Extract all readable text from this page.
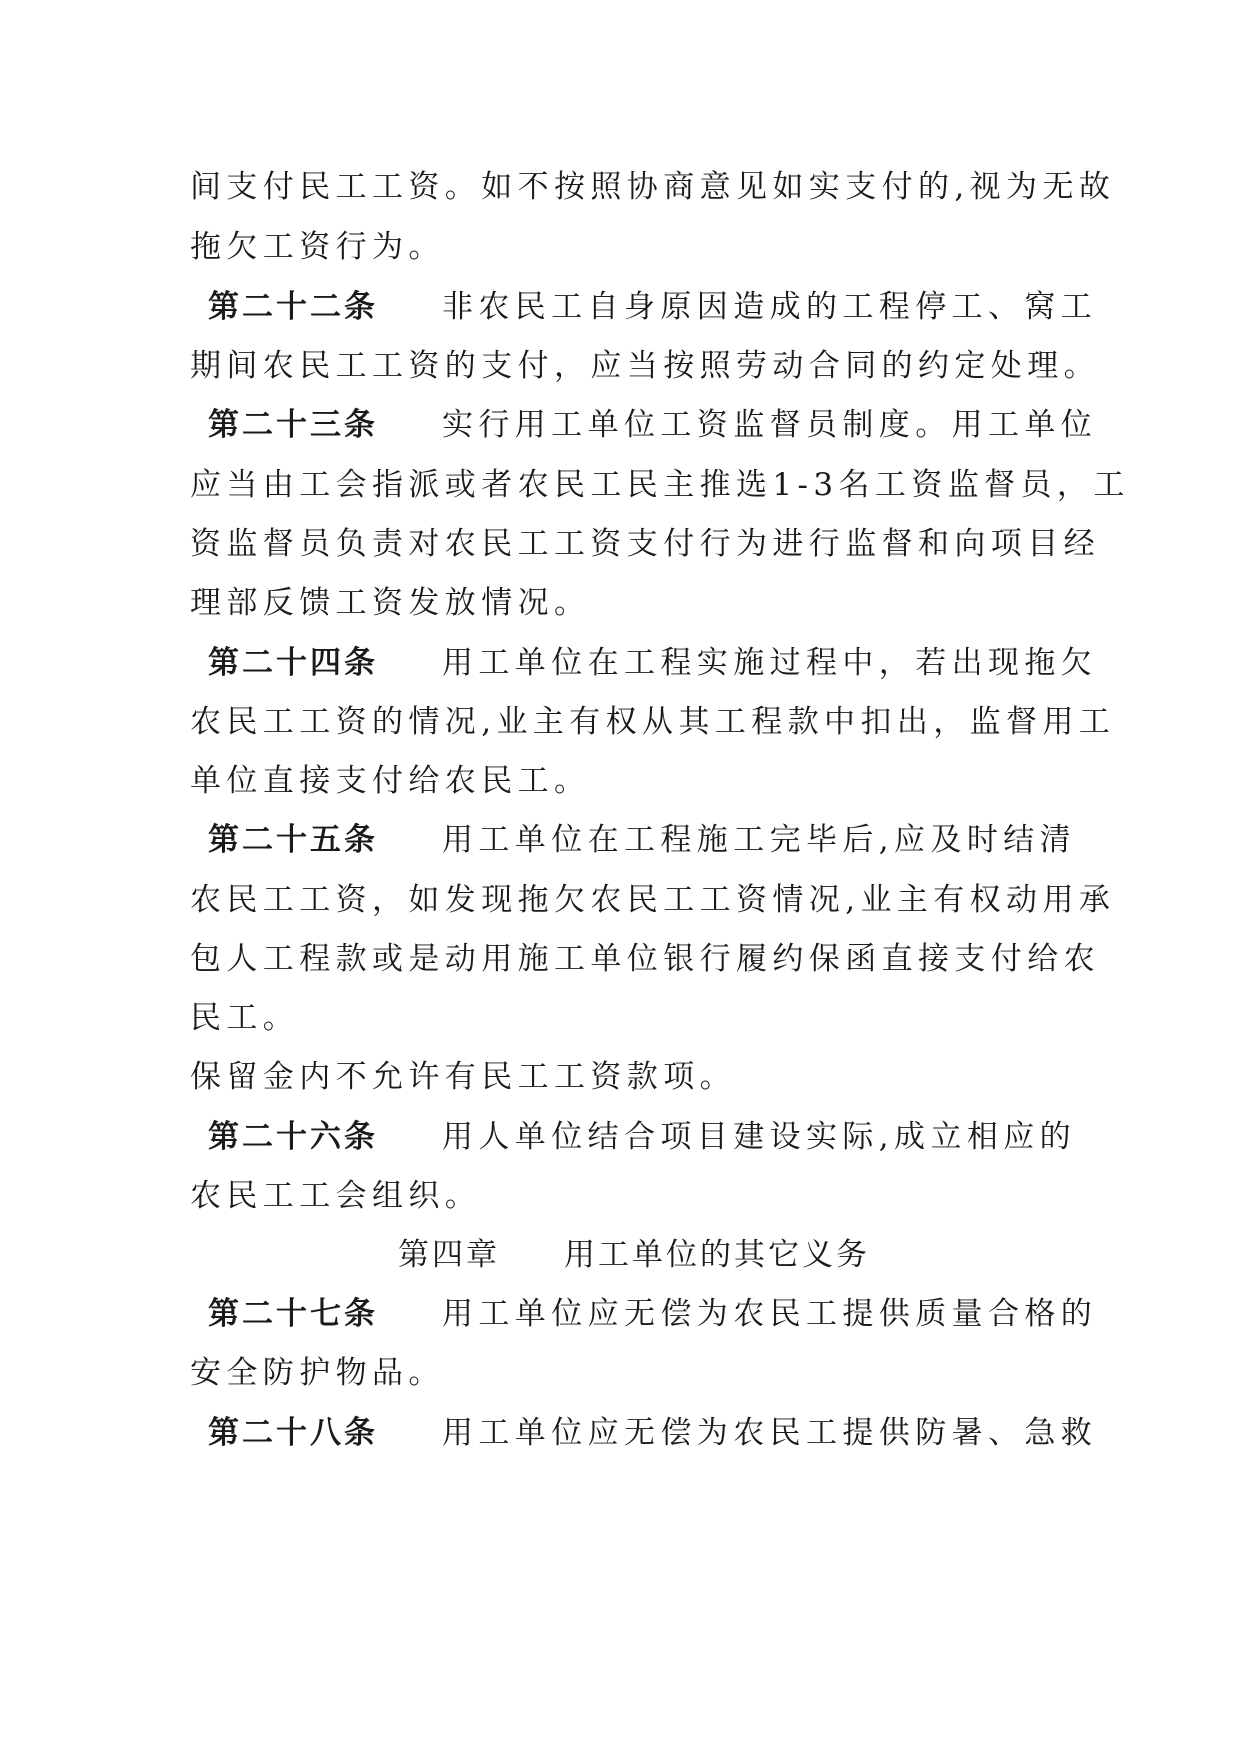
间支付民工工资。如不按照协商意见如实支付的,视为无故
拖欠工资行为。
第二十二条 非农民工自身原因造成的工程停工、窝工
期间农民工工资的支付，应当按照劳动合同的约定处理。
第二十三条 实行用工单位工资监督员制度。用工单位
应当由工会指派或者农民工民主推选1-3名工资监督员，工
资监督员负责对农民工工资支付行为进行监督和向项目经
理部反馈工资发放情况。
第二十四条 用工单位在工程实施过程中，若出现拖欠
农民工工资的情况,业主有权从其工程款中扣出，监督用工
单位直接支付给农民工。
第二十五条 用工单位在工程施工完毕后,应及时结清
农民工工资，如发现拖欠农民工工资情况,业主有权动用承
包人工程款或是动用施工单位银行履约保函直接支付给农
民工。
保留金内不允许有民工工资款项。
第二十六条 用人单位结合项目建设实际,成立相应的
农民工工会组织。
第四章 用工单位的其它义务
第二十七条 用工单位应无偿为农民工提供质量合格的
安全防护物品。
第二十八条 用工单位应无偿为农民工提供防暑、急救
